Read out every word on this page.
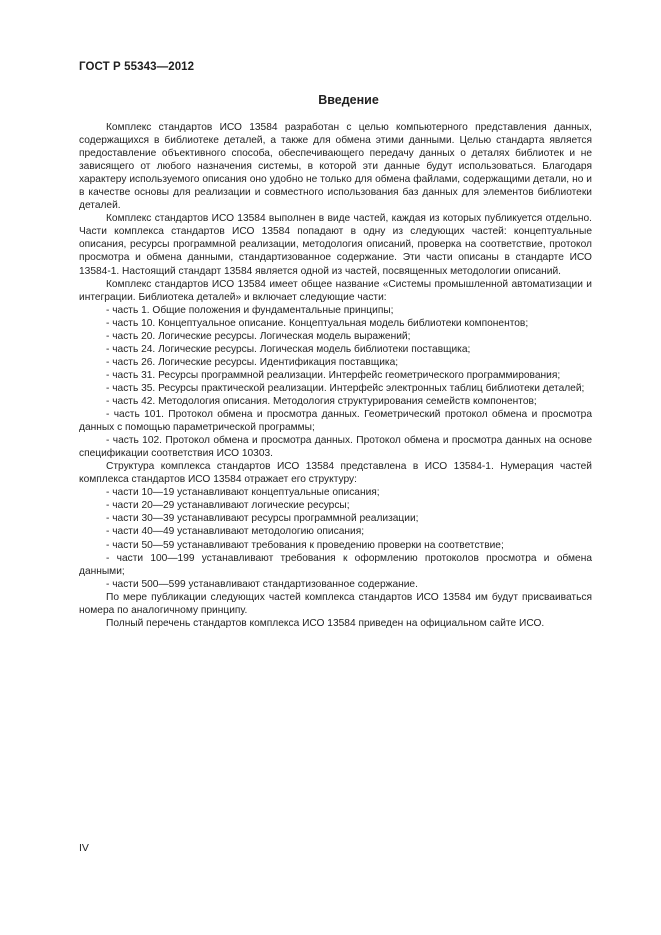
ГОСТ Р 55343—2012
Введение

Комплекс стандартов ИСО 13584 разработан с целью компьютерного представления данных, содержащихся в библиотеке деталей, а также для обмена этими данными. Целью стандарта является предоставление объективного способа, обеспечивающего передачу данных о деталях библиотек и не зависящего от любого назначения системы, в которой эти данные будут использоваться. Благодаря характеру используемого описания оно удобно не только для обмена файлами, содержащими детали, но и в качестве основы для реализации и совместного использования баз данных для элементов библиотеки деталей.

Комплекс стандартов ИСО 13584 выполнен в виде частей, каждая из которых публикуется отдельно. Части комплекса стандартов ИСО 13584 попадают в одну из следующих частей: концептуальные описания, ресурсы программной реализации, методология описаний, проверка на соответствие, протокол просмотра и обмена данными, стандартизованное содержание. Эти части описаны в стандарте ИСО 13584-1. Настоящий стандарт 13584 является одной из частей, посвященных методологии описаний.

Комплекс стандартов ИСО 13584 имеет общее название «Системы промышленной автоматизации и интеграции. Библиотека деталей» и включает следующие части:

- часть 1. Общие положения и фундаментальные принципы;

- часть 10. Концептуальное описание. Концептуальная модель библиотеки компонентов;

- часть 20. Логические ресурсы. Логическая модель выражений;

- часть 24. Логические ресурсы. Логическая модель библиотеки поставщика;

- часть 26. Логические ресурсы. Идентификация поставщика;

- часть 31. Ресурсы программной реализации. Интерфейс геометрического программирования;

- часть 35. Ресурсы практической реализации. Интерфейс электронных таблиц библиотеки деталей;

- часть 42. Методология описания. Методология структурирования семейств компонентов;

- часть 101. Протокол обмена и просмотра данных. Геометрический протокол обмена и просмотра данных с помощью параметрической программы;

- часть 102. Протокол обмена и просмотра данных. Протокол обмена и просмотра данных на основе спецификации соответствия ИСО 10303.

Структура комплекса стандартов ИСО 13584 представлена в ИСО 13584-1. Нумерация частей комплекса стандартов ИСО 13584 отражает его структуру:

- части 10—19 устанавливают концептуальные описания;

- части 20—29 устанавливают логические ресурсы;

- части 30—39 устанавливают ресурсы программной реализации;

- части 40—49 устанавливают методологию описания;

- части 50—59 устанавливают требования к проведению проверки на соответствие;

- части 100—199 устанавливают требования к оформлению протоколов просмотра и обмена данными;

- части 500—599 устанавливают стандартизованное содержание.

По мере публикации следующих частей комплекса стандартов ИСО 13584 им будут присваиваться номера по аналогичному принципу.

Полный перечень стандартов комплекса ИСО 13584 приведен на официальном сайте ИСО.

IV
